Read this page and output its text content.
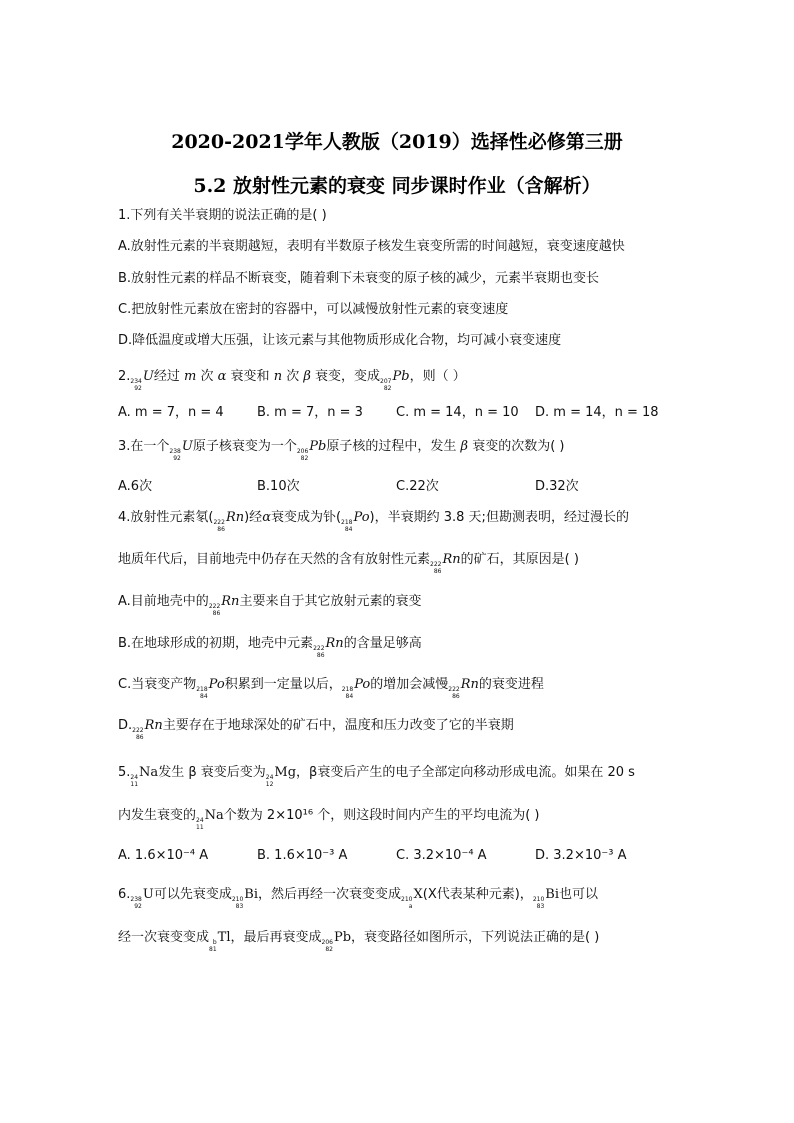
2020-2021学年人教版（2019）选择性必修第三册
5.2 放射性元素的衰变 同步课时作业（含解析）
1.下列有关半衰期的说法正确的是( )
A.放射性元素的半衰期越短，表明有半数原子核发生衰变所需的时间越短，衰变速度越快
B.放射性元素的样品不断衰变，随着剩下未衰变的原子核的减少，元素半衰期也变长
C.把放射性元素放在密封的容器中，可以减慢放射性元素的衰变速度
D.降低温度或增大压强，让该元素与其他物质形成化合物，均可减小衰变速度
2. 234
92
U经过 m 次 α 衰变和 n 次 β 衰变，变成 207
82
Pb，则（ ）
A. m = 7，n = 4	B. m = 7，n = 3	C. m = 14，n = 10 D. m = 14，n = 18
3.在一个 238
92
U原子核衰变为一个 206
82
Pb原子核的过程中，发生 β 衰变的次数为( )
A.6次	B.10次	C.22次	D.32次
4.放射性元素氡( 222
86
Rn)经α衰变成为钋( 218
84
Po)，半衰期约 3.8 天;但勘测表明，经过漫长的
地质年代后，目前地壳中仍存在天然的含有放射性元素 222
86
Rn的矿石，其原因是( )
A.目前地壳中的 222
86
Rn主要来自于其它放射元素的衰变
B.在地球形成的初期，地壳中元素 222
86
Rn的含量足够高
C.当衰变产物 218
84
Po积累到一定量以后， 218
84
Po的增加会减慢 222
86
Rn的衰变进程
D. 222
86
Rn主要存在于地球深处的矿石中，温度和压力改变了它的半衰期
5. 24
11
Na发生 β 衰变后变为 24
12
Mg，β衰变后产生的电子全部定向移动形成电流。如果在 20 s
内发生衰变的 24
11
Na个数为 2×10¹⁶ 个，则这段时间内产生的平均电流为( )
A. 1.6×10⁻⁴ A	B. 1.6×10⁻³ A	C. 3.2×10⁻⁴ A	D. 3.2×10⁻³ A
6. 238
92
U可以先衰变成 210
83
Bi，然后再经一次衰变变成 210
a
X(X代表某种元素)， 210
83
Bi也可以
经一次衰变变成 b
81
Tl，最后再衰变成 206
82
Pb，衰变路径如图所示，下列说法正确的是( )
